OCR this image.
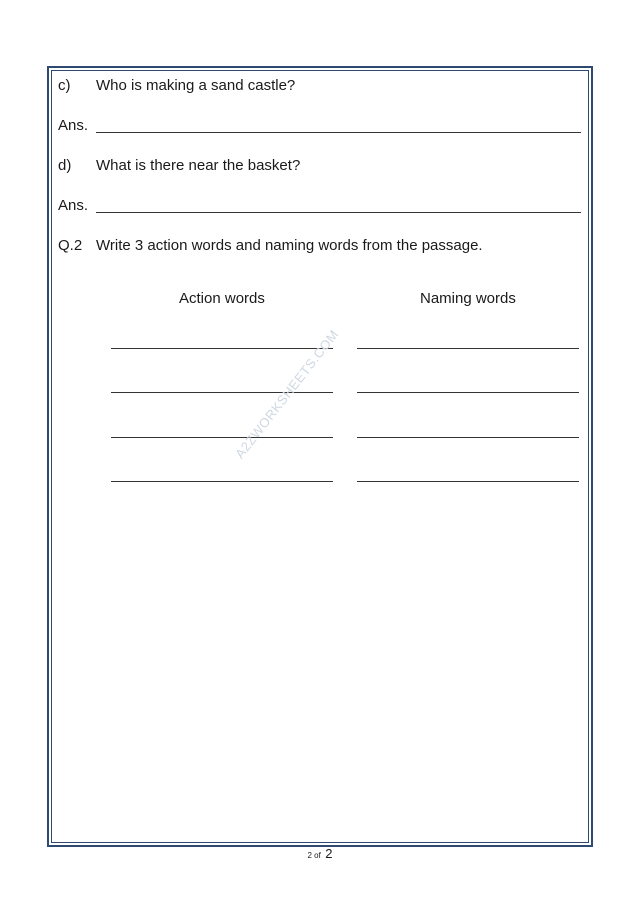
c) Who is making a sand castle?
Ans.
d) What is there near the basket?
Ans.
Q.2 Write 3 action words and naming words from the passage.
Action words	Naming words
A2ZWORKSHEETS.COM
2 of 2
